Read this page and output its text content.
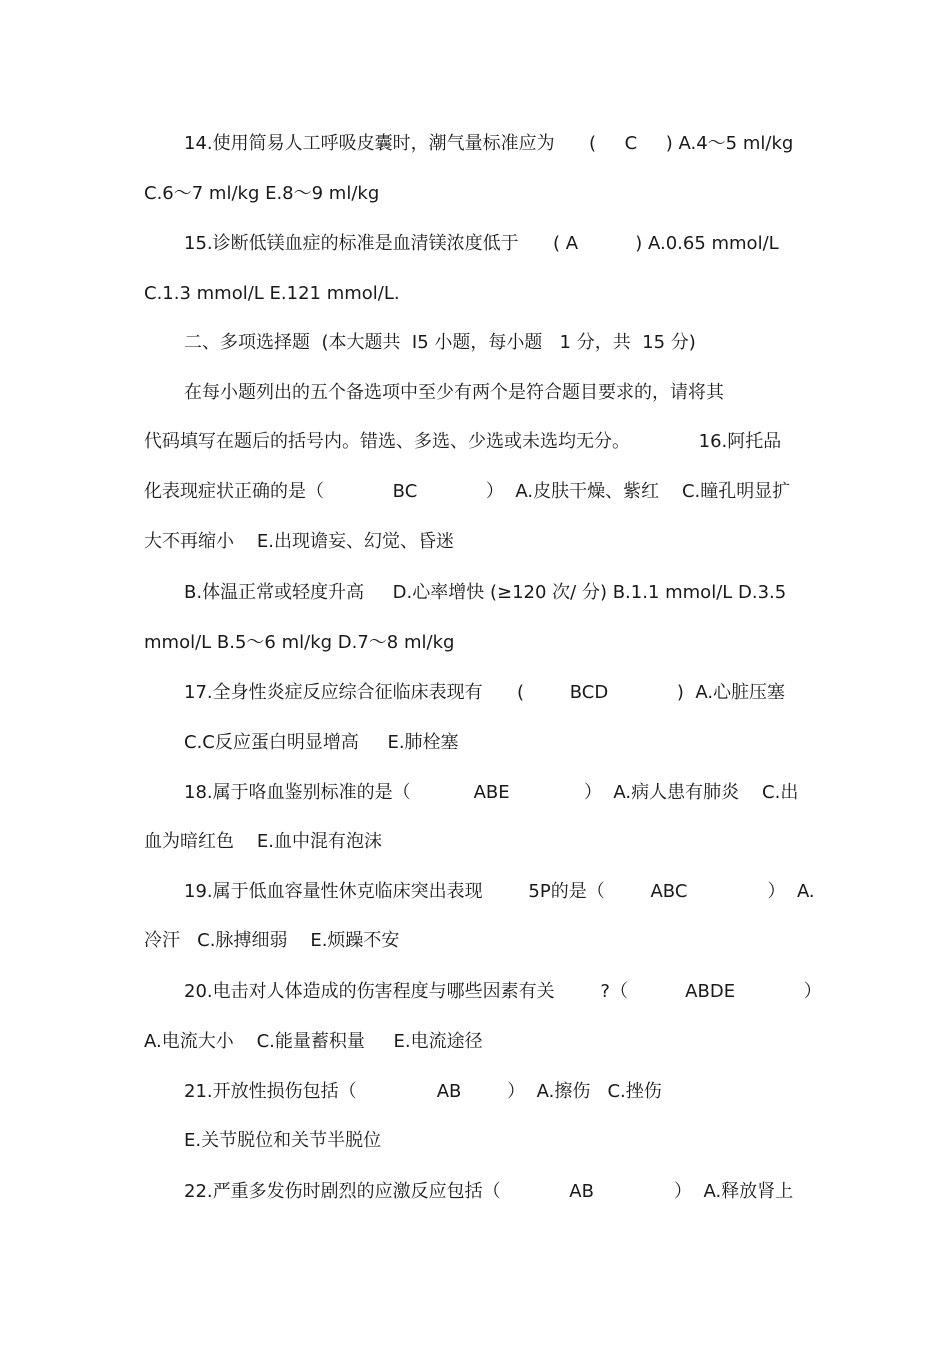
14.使用简易人工呼吸皮囊时，潮气量标准应为      (     C     ) A.4～5 ml/kg
C.6～7 ml/kg E.8～9 ml/kg
15.诊断低镁血症的标准是血清镁浓度低于      ( A          ) A.0.65 mmol/L
C.1.3 mmol/L E.121 mmol/L.
二、多项选择题  (本大题共  I5 小题，每小题   1 分，共  15 分)
在每小题列出的五个备选项中至少有两个是符合题目要求的，请将其
代码填写在题后的括号内。错选、多选、少选或未选均无分。            16.阿托品
化表现症状正确的是（            BC            ）  A.皮肤干燥、紫红    C.瞳孔明显扩
大不再缩小    E.出现谵妄、幻觉、昏迷
B.体温正常或轻度升高     D.心率增快 (≥120 次/ 分) B.1.1 mmol/L D.3.5
mmol/L B.5～6 ml/kg D.7～8 ml/kg
17.全身性炎症反应综合征临床表现有      (        BCD            )  A.心脏压塞
C.C反应蛋白明显增高     E.肺栓塞
18.属于咯血鉴别标准的是（           ABE             ）  A.病人患有肺炎    C.出
血为暗红色    E.血中混有泡沫
19.属于低血容量性休克临床突出表现        5P的是（        ABC              ）  A.
冷汗   C.脉搏细弱    E.烦躁不安
20.电击对人体造成的伤害程度与哪些因素有关        ?（          ABDE            ）
A.电流大小    C.能量蓄积量     E.电流途径
21.开放性损伤包括（              AB        ）  A.擦伤   C.挫伤
E.关节脱位和关节半脱位
22.严重多发伤时剧烈的应激反应包括（            AB              ）  A.释放肾上
